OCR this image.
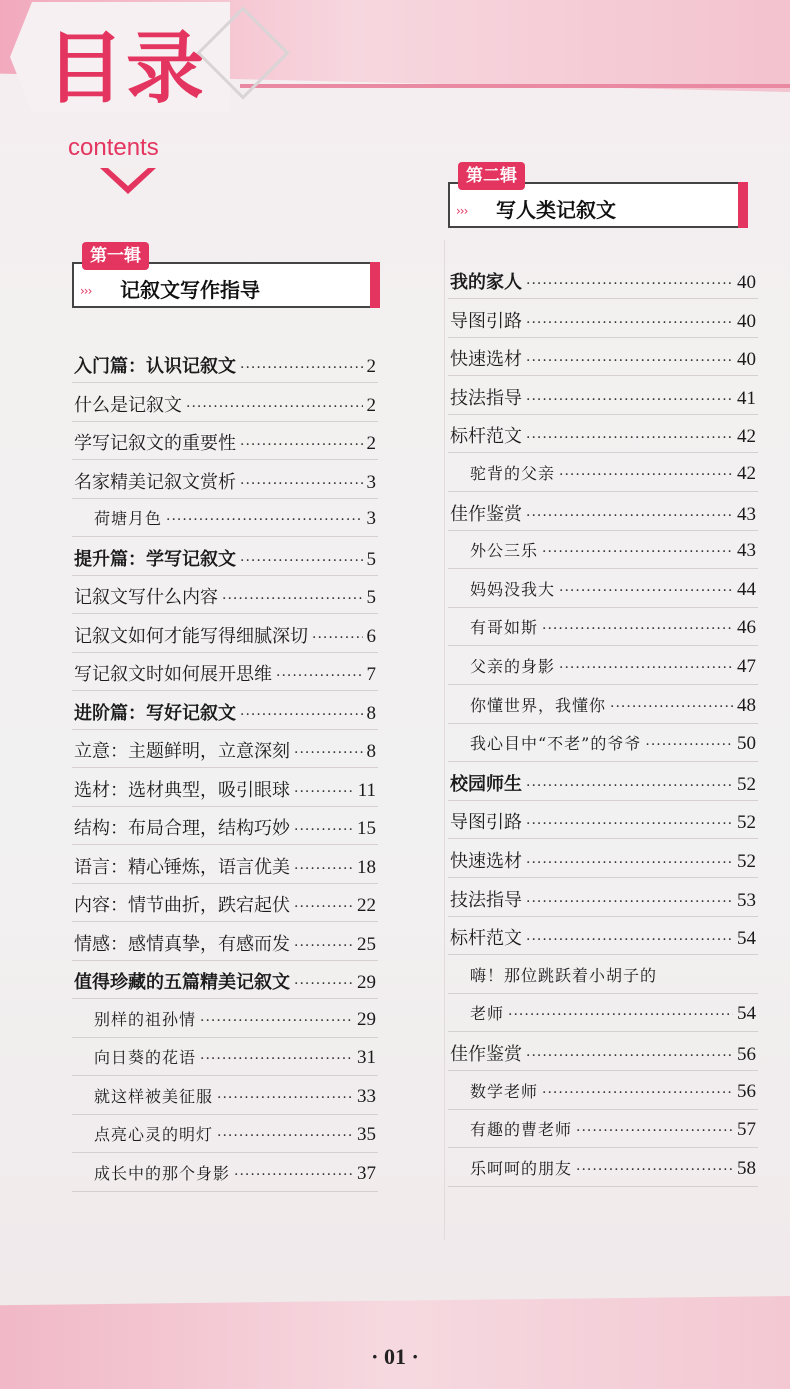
目录
contents
第一辑
记叙文写作指导
›››
第二辑
写人类记叙文
›››
入门篇：认识记叙文 ·····	2
什么是记叙文 ·····	2
学写记叙文的重要性 ·····	2
名家精美记叙文赏析 ·····	3
荷塘月色 ·····	3
提升篇：学写记叙文 ·····	5
记叙文写什么内容 ·····	5
记叙文如何才能写得细腻深切 ·····	6
写记叙文时如何展开思维 ·····	7
进阶篇：写好记叙文 ·····	8
立意：主题鲜明，立意深刻 ·····	8
选材：选材典型，吸引眼球 ·····	11
结构：布局合理，结构巧妙 ·····	15
语言：精心锤炼，语言优美 ·····	18
内容：情节曲折，跌宕起伏 ·····	22
情感：感情真挚，有感而发 ·····	25
值得珍藏的五篇精美记叙文 ·····	29
别样的祖孙情 ·····	29
向日葵的花语 ·····	31
就这样被美征服 ·····	33
点亮心灵的明灯 ·····	35
成长中的那个身影 ·····	37
我的家人 ·····	40
导图引路 ·····	40
快速选材 ·····	40
技法指导 ·····	41
标杆范文 ·····	42
驼背的父亲 ·····	42
佳作鉴赏 ·····	43
外公三乐 ·····	43
妈妈没我大 ·····	44
有哥如斯 ·····	46
父亲的身影 ·····	47
你懂世界，我懂你 ·····	48
我心目中“不老”的爷爷 ·····	50
校园师生 ·····	52
导图引路 ·····	52
快速选材 ·····	52
技法指导 ·····	53
标杆范文 ·····	54
嗨！那位跳跃着小胡子的
老师 ·····	54
佳作鉴赏 ·····	56
数学老师 ·····	56
有趣的曹老师 ·····	57
乐呵呵的朋友 ·····	58
· 01 ·
